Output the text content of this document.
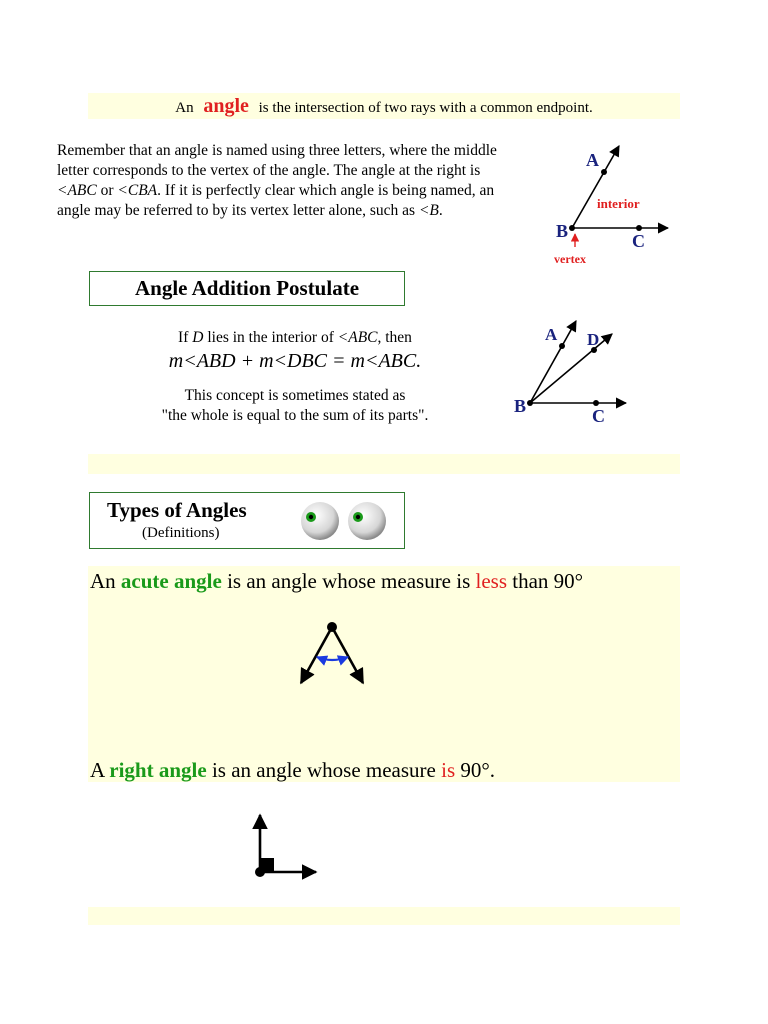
An angle is the intersection of two rays with a common endpoint.
Remember that an angle is named using three letters, where the middle
letter corresponds to the vertex of the angle. The angle at the right is
<ABC or <CBA. If it is perfectly clear which angle is being named, an
angle may be referred to by its vertex letter alone, such as <B.
A
B	C
interior
vertex
Angle Addition Postulate
If D lies in the interior of <ABC, then
m<ABD + m<DBC = m<ABC.
This concept is sometimes stated as
"the whole is equal to the sum of its parts".
A D
B	C
Types of Angles
(Definitions)
An acute angle is an angle whose measure is less than 90°
A right angle is an angle whose measure is 90°.
